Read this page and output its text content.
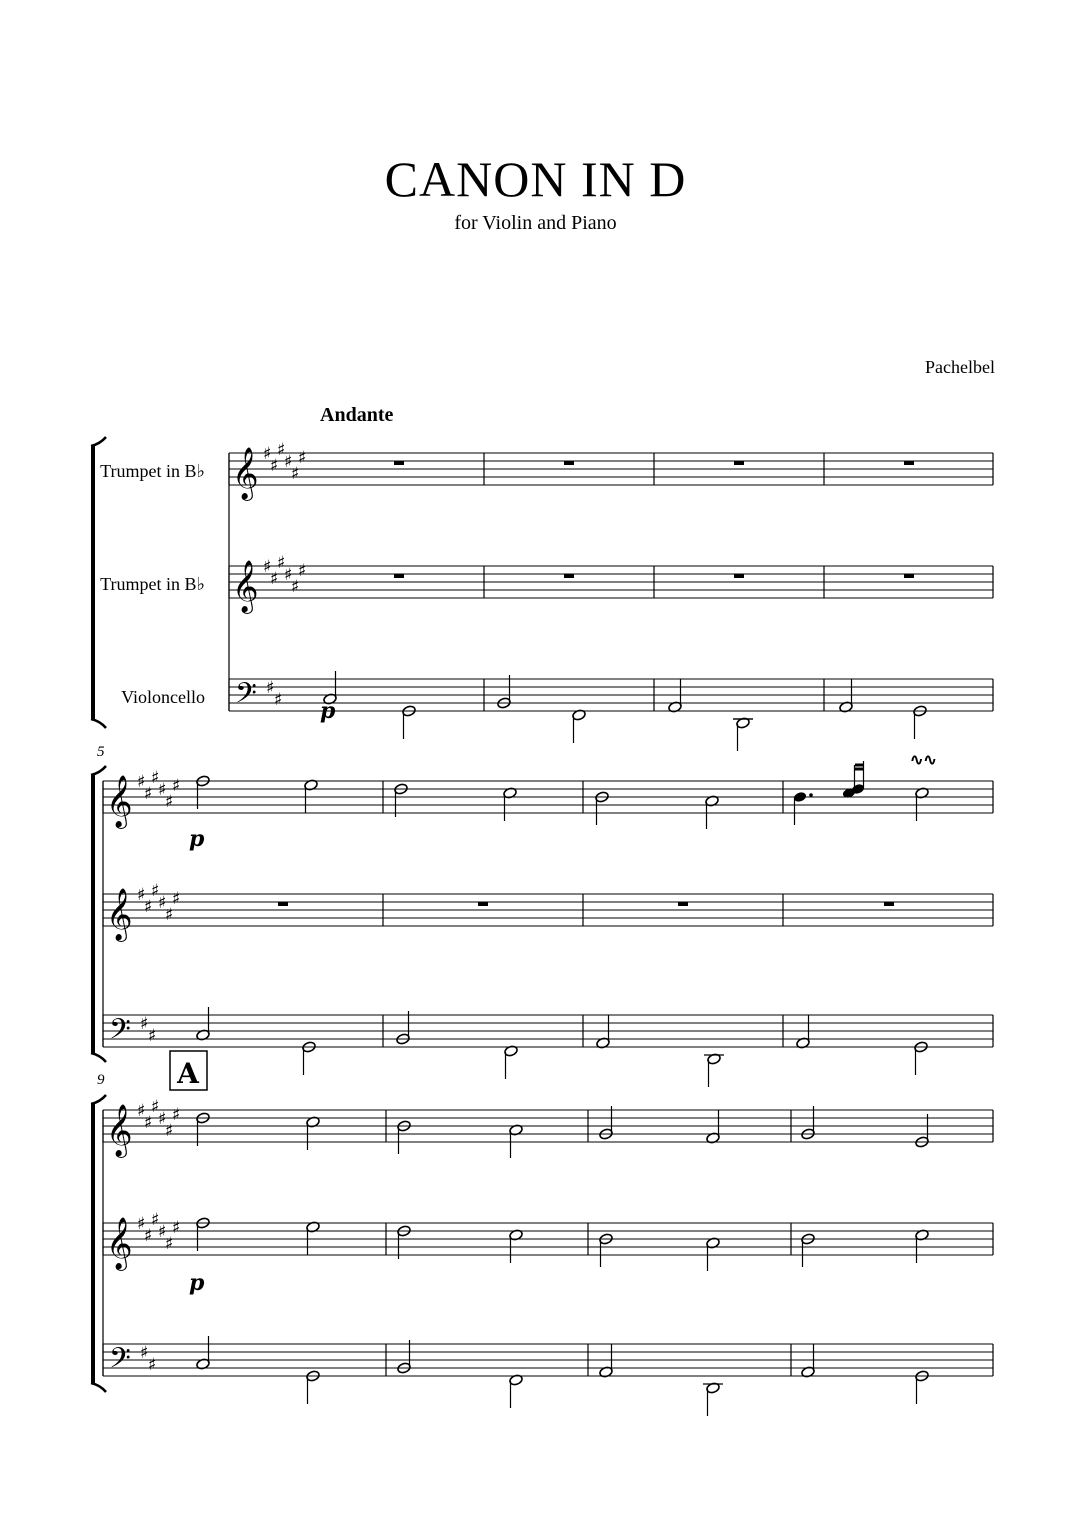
CANON IN D
for Violin and Piano
Pachelbel
Andante
Trumpet in B♭
Trumpet in B♭
Violoncello
5
9
𝄞 ♯
♯
♯
♯
♯
♯
𝄞 ♯
♯
♯
♯
♯
♯
𝄢 ♯
♯ p
𝄞 ♯
♯
♯
♯
♯
♯
𝄞 ♯
♯
♯
♯
♯
♯
𝄢 ♯
♯
∿∿
p
𝄞 ♯
♯
♯
♯
♯
♯
𝄞 ♯
♯
♯
♯
♯
♯
𝄢 ♯
♯
A
p
